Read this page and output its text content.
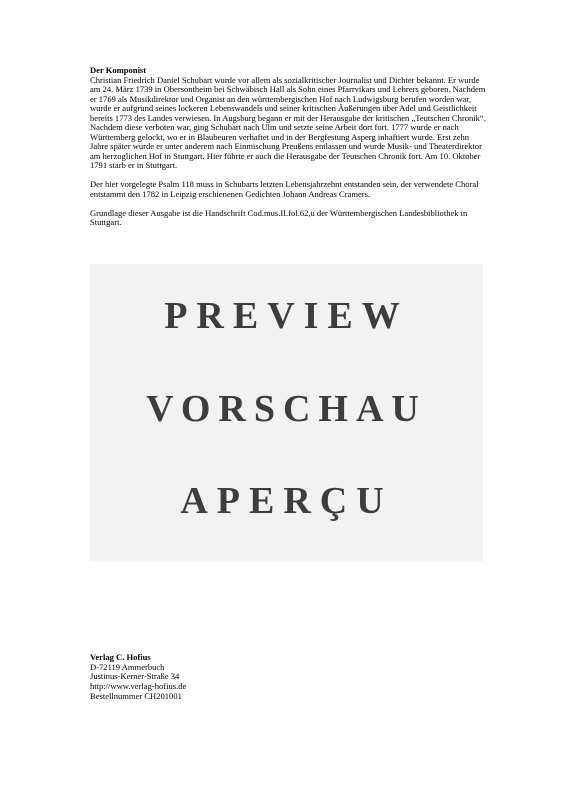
Der Komponist

Christian Friedrich Daniel Schubart wurde vor allem als sozialkritischer Journalist und Dichter bekannt. Er wurde am 24. März 1739 in Obersontheim bei Schwäbisch Hall als Sohn eines Pfarrvikars und Lehrers geboren. Nachdem er 1769 als Musikdirektor und Organist an den württembergischen Hof nach Ludwigsburg berufen worden war, wurde er aufgrund seines lockeren Lebenswandels und seiner kritischen Äußerungen über Adel und Geistlichkeit bereits 1773 des Landes verwiesen. In Augsburg begann er mit der Herausgabe der kritischen „Teutschen Chronik“. Nachdem diese verboten war, ging Schubart nach Ulm und setzte seine Arbeit dort fort. 1777 wurde er nach Württemberg gelockt, wo er in Blaubeuren verhaftet und in der Bergfestung Asperg inhaftiert wurde. Erst zehn Jahre später wurde er unter anderem nach Einmischung Preußens entlassen und wurde Musik- und Theaterdirektor am herzoglichen Hof in Stuttgart. Hier führte er auch die Herausgabe der Teutschen Chronik fort. Am 10. Oktober 1791 starb er in Stuttgart.

Der hier vorgelegte Psalm 118 muss in Schubarts letzten Lebensjahrzehnt entstanden sein, der verwendete Choral entstammt den 1782 in Leipzig erschienenen Gedichten Johann Andreas Cramers.

Grundlage dieser Ausgabe ist die Handschrift Cod.mus.II.fol.62,u der Württembergischen Landesbibliothek in Stuttgart.

PREVIEW
VORSCHAU
APERÇU
Verlag C. Hofius
D-72119 Ammerbuch
Justinus-Kerner-Straße 34
http://www.verlag-hofius.de
Bestellnummer CH201001
